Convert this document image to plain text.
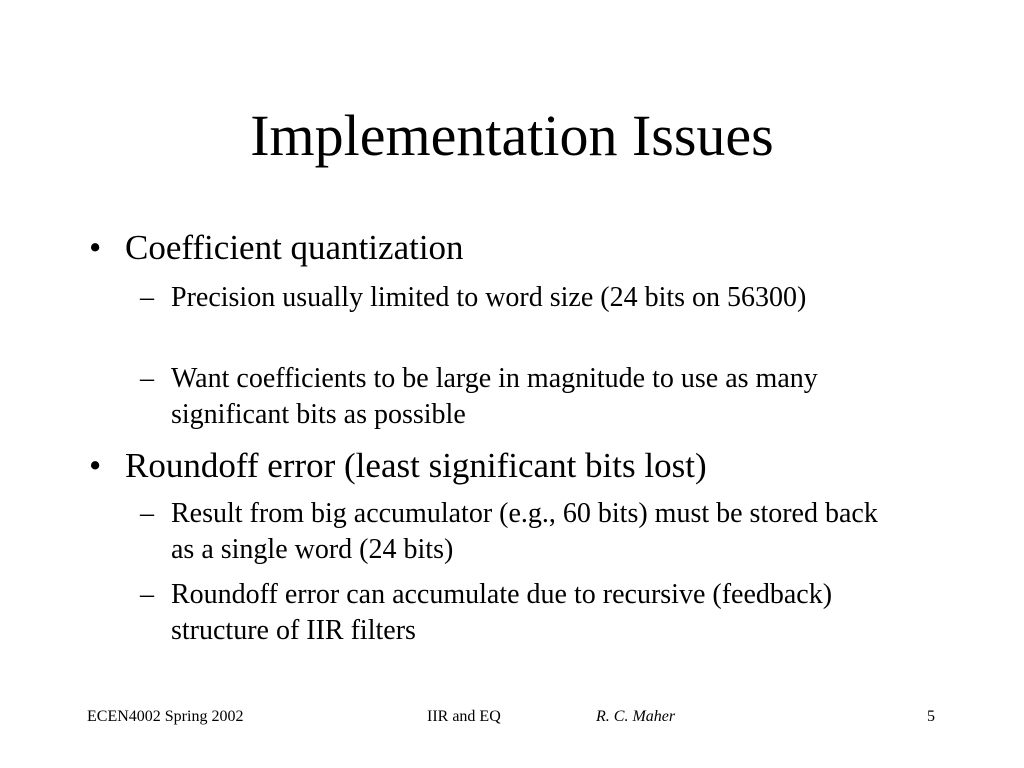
Implementation Issues
• Coefficient quantization
– Precision usually limited to word size (24 bits on 56300)
– Want coefficients to be large in magnitude to use as many significant bits as possible
• Roundoff error (least significant bits lost)
– Result from big accumulator (e.g., 60 bits) must be stored back as a single word (24 bits)
– Roundoff error can accumulate due to recursive (feedback) structure of IIR filters
ECEN4002 Spring 2002	IIR and EQ	R. C. Maher	5
